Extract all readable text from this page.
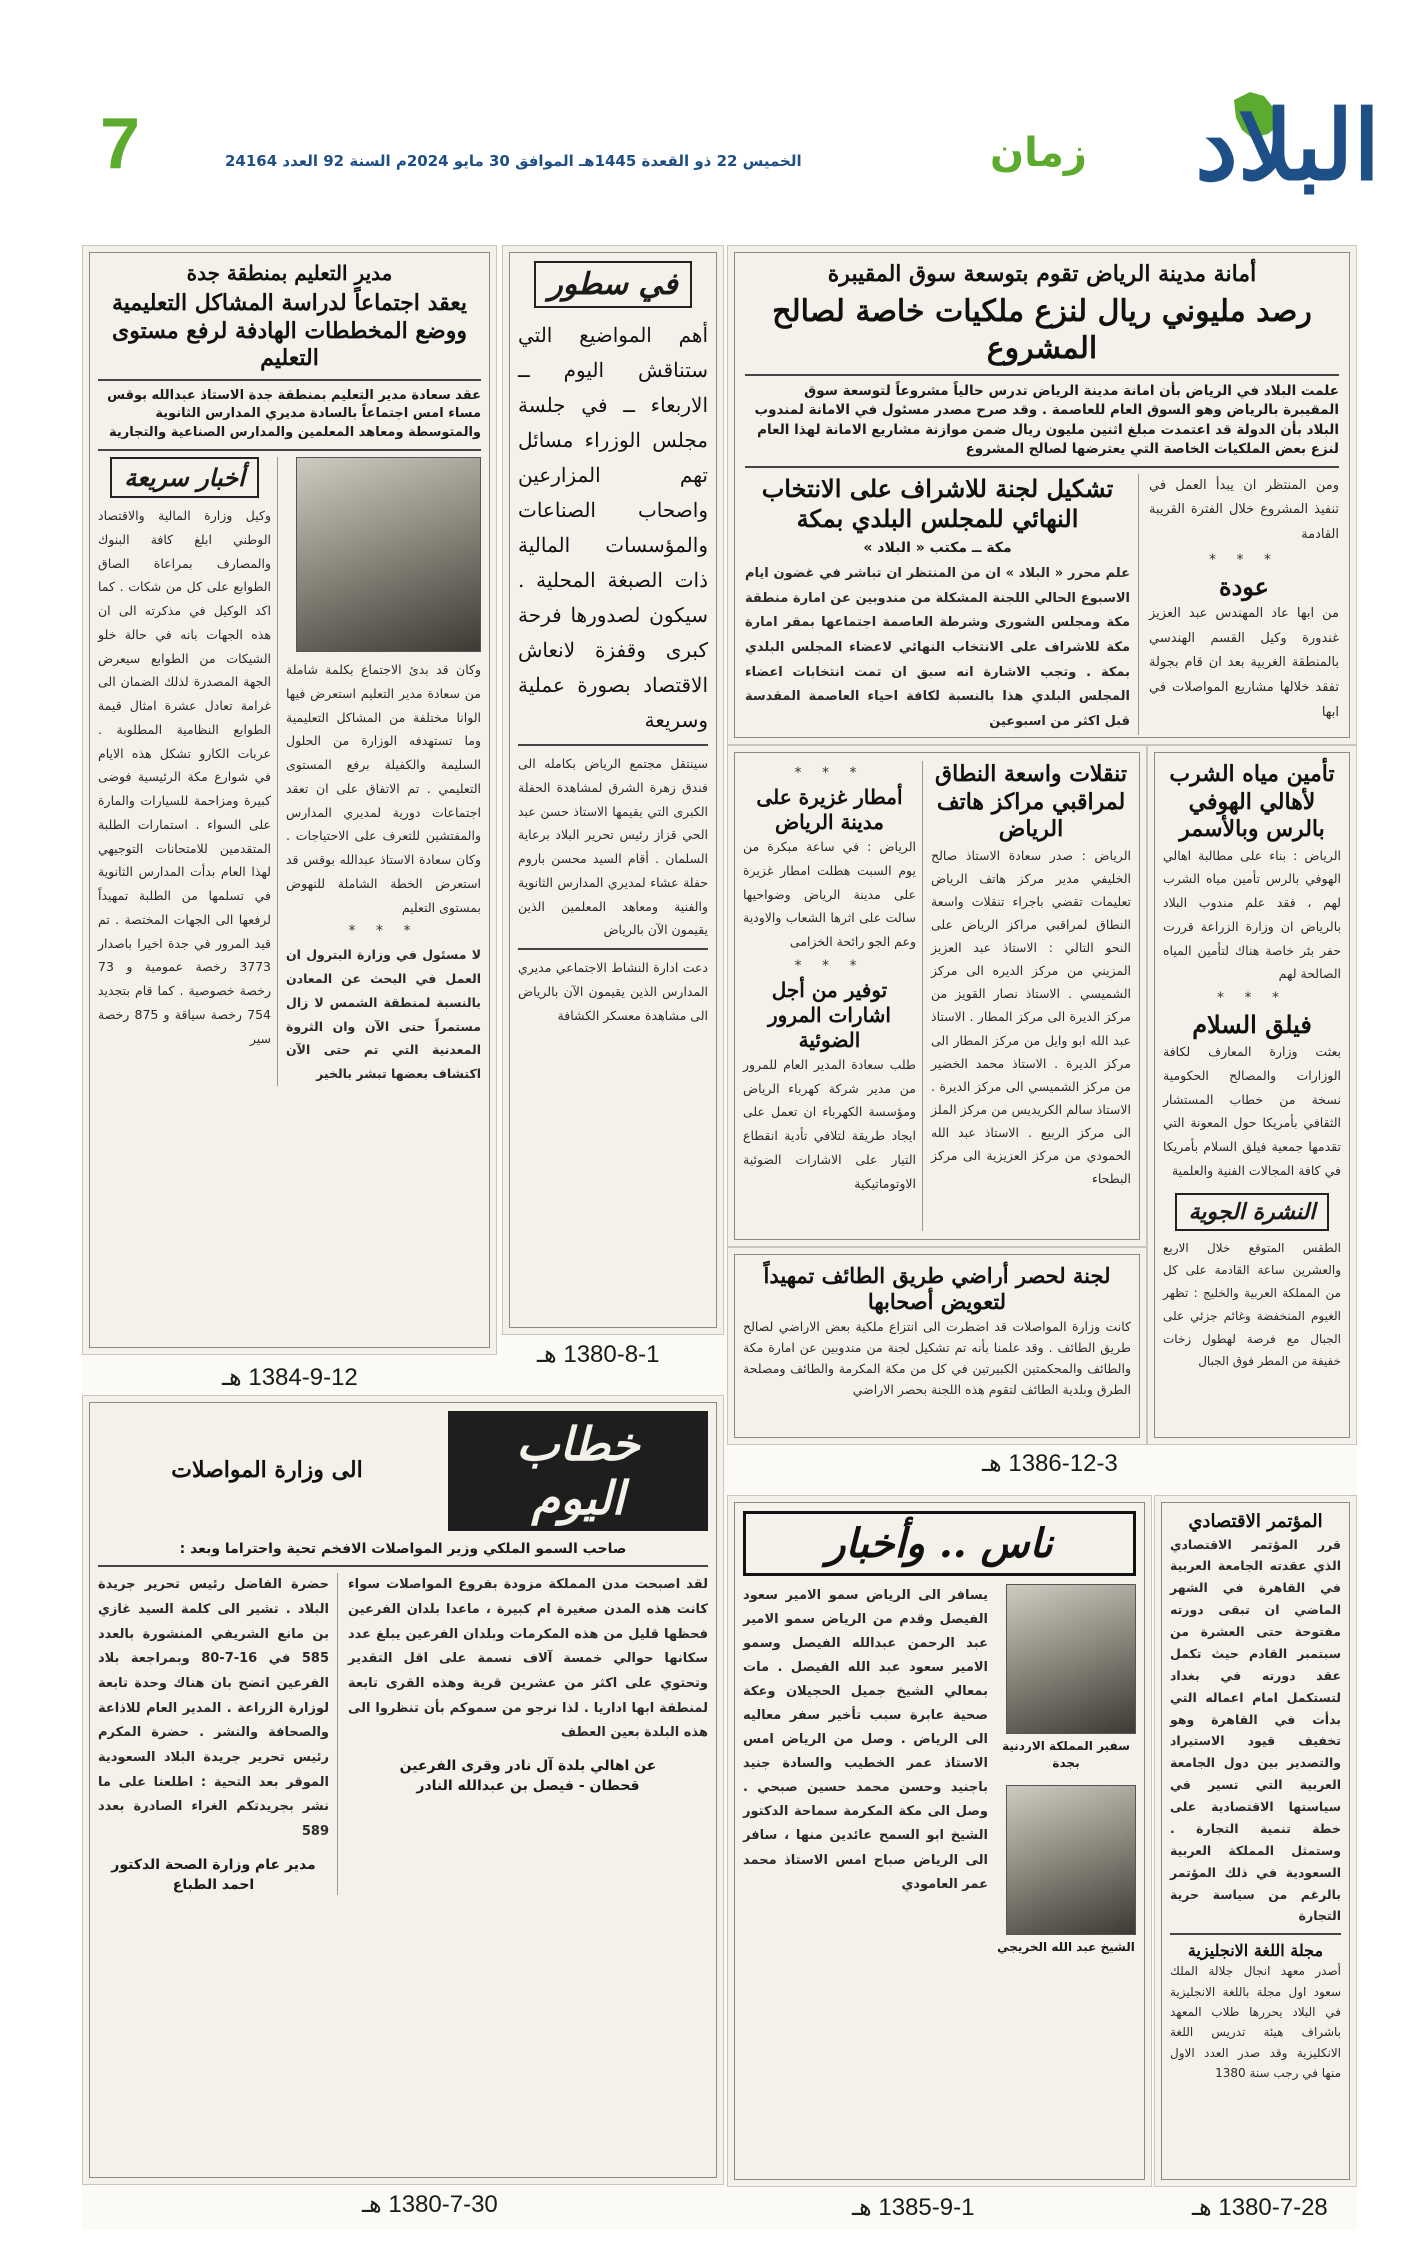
7	الخميس 22 ذو القعدة 1445هـ الموافق 30 مايو 2024م السنة 92 العدد 24164	زمان البلاد
أمانة مدينة الرياض تقوم بتوسعة سوق المقيبرة
رصد مليوني ريال لنزع ملكيات خاصة لصالح المشروع
علمت البلاد في الرياض بأن امانة مدينة الرياض تدرس حالياً مشروعاً لتوسعة سوق المقيبرة بالرياض وهو السوق العام للعاصمة . وقد صرح مصدر مسئول في الامانة لمندوب البلاد بأن الدولة قد اعتمدت مبلغ اثنين مليون ريال ضمن موازنة مشاريع الامانة لهذا العام لنزع بعض الملكيات الخاصة التي يعترضها لصالح المشروع
ومن المنتظر ان يبدأ العمل في تنفيذ المشروع خلال الفترة القريبة القادمة
* * *
عودة
من ابها عاد المهندس عبد العزيز غندورة وكيل القسم الهندسي بالمنطقة الغربية بعد ان قام بجولة تفقد خلالها مشاريع المواصلات في ابها
تشكيل لجنة للاشراف على الانتخاب النهائي للمجلس البلدي بمكة
مكة ــ مكتب « البلاد »
علم محرر « البلاد » ان من المنتظر ان تباشر في غضون ايام الاسبوع الحالي اللجنة المشكلة من مندوبين عن امارة منطقة مكة ومجلس الشورى وشرطة العاصمة اجتماعها بمقر امارة مكة للاشراف على الانتخاب النهائي لاعضاء المجلس البلدي بمكة . وتجب الاشارة انه سبق ان تمت انتخابات اعضاء المجلس البلدي هذا بالنسبة لكافة احياء العاصمة المقدسة قبل اكثر من اسبوعين
تنقلات واسعة النطاق لمراقبي مراكز هاتف الرياض
الرياض : صدر سعادة الاستاذ صالح الخليفي مدير مركز هاتف الرياض تعليمات تقضي باجراء تنقلات واسعة النطاق لمراقبي مراكز الرياض على النحو التالي : الاستاذ عبد العزيز المزيني من مركز الديره الى مركز الشميسي . الاستاذ نصار القويز من مركز الديرة الى مركز المطار . الاستاذ عبد الله ابو وايل من مركز المطار الى مركز الديرة . الاستاذ محمد الخضير من مركز الشميسي الى مركز الديرة . الاستاذ سالم الكريديس من مركز الملز الى مركز الربيع . الاستاذ عبد الله الحمودي من مركز العزيزية الى مركز البطحاء
* * *
أمطار غزيرة على مدينة الرياض
الرياض : في ساعة مبكرة من يوم السبت هطلت امطار غزيرة على مدينة الرياض وضواحيها سالت على اثرها الشعاب والاودية وعم الجو رائحة الخزامى
* * *
توفير من أجل اشارات المرور الضوئية
طلب سعادة المدير العام للمرور من مدير شركة كهرباء الرياض ومؤسسة الكهرباء ان تعمل على ايجاد طريقة لتلافي تأدية انقطاع التيار على الاشارات الضوئية الاوتوماتيكية
تأمين مياه الشرب لأهالي الهوفي بالرس وبالأسمر
الرياض : بناء على مطالبة اهالي الهوفي بالرس تأمين مياه الشرب لهم ، فقد علم مندوب البلاد بالرياض ان وزارة الزراعة قررت حفر بئر خاصة هناك لتأمين المياه الصالحة لهم
* * *
فيلق السلام
بعثت وزارة المعارف لكافة الوزارات والمصالح الحكومية نسخة من خطاب المستشار الثقافي بأمريكا حول المعونة التي تقدمها جمعية فيلق السلام بأمريكا في كافة المجالات الفنية والعلمية
النشرة الجوية
الطقس المتوقع خلال الاربع والعشرين ساعة القادمة على كل من المملكة العربية والخليج : تظهر الغيوم المنخفضة وغائم جزئي على الجبال مع فرصة لهطول زخات خفيفة من المطر فوق الجبال
لجنة لحصر أراضي طريق الطائف تمهيداً لتعويض أصحابها
كانت وزارة المواصلات قد اضطرت الى انتزاع ملكية بعض الاراضي لصالح طريق الطائف . وقد علمنا بأنه تم تشكيل لجنة من مندوبين عن امارة مكة والطائف والمحكمتين الكبيرتين في كل من مكة المكرمة والطائف ومصلحة الطرق وبلدية الطائف لتقوم هذه اللجنة بحصر الاراضي
1386-12-3 هـ
في سطور
أهم المواضيع التي ستناقش اليوم ــ الاربعاء ــ في جلسة مجلس الوزراء مسائل تهم المزارعين واصحاب الصناعات والمؤسسات المالية ذات الصبغة المحلية . سيكون لصدورها فرحة كبرى وقفزة لانعاش الاقتصاد بصورة عملية وسريعة
سينتقل مجتمع الرياض بكامله الى فندق زهرة الشرق لمشاهدة الحفلة الكبرى التي يقيمها الاستاذ حسن عبد الحي قزاز رئيس تحرير البلاد برعاية السلمان . أقام السيد محسن باروم حفلة عشاء لمديري المدارس الثانوية والفنية ومعاهد المعلمين الذين يقيمون الآن بالرياض
دعت ادارة النشاط الاجتماعي مديري المدارس الذين يقيمون الآن بالرياض الى مشاهدة معسكر الكشافة
1380-8-1 هـ
مدير التعليم بمنطقة جدة
يعقد اجتماعاً لدراسة المشاكل التعليمية ووضع المخططات الهادفة لرفع مستوى التعليم
عقد سعادة مدير التعليم بمنطقة جدة الاستاذ عبدالله بوقس مساء امس اجتماعاً بالسادة مديري المدارس الثانوية والمتوسطة ومعاهد المعلمين والمدارس الصناعية والتجارية
وكان قد بدئ الاجتماع بكلمة شاملة من سعادة مدير التعليم استعرض فيها الوانا مختلفة من المشاكل التعليمية وما تستهدفه الوزارة من الحلول السليمة والكفيلة برفع المستوى التعليمي . تم الاتفاق على ان تعقد اجتماعات دورية لمديري المدارس والمفتشين للتعرف على الاحتياجات . وكان سعادة الاستاذ عبدالله بوقس قد استعرض الخطة الشاملة للنهوض بمستوى التعليم
* * *
لا مسئول في وزارة البترول ان العمل في البحث عن المعادن بالنسبة لمنطقة الشمس لا زال مستمراً حتى الآن وان الثروة المعدنية التي تم حتى الآن اكتشاف بعضها تبشر بالخير
أخبار سريعة
وكيل وزارة المالية والاقتصاد الوطني ابلغ كافة البنوك والمصارف بمراعاة الصاق الطوابع على كل من شكات . كما اكد الوكيل في مذكرته الى ان هذه الجهات بانه في حالة خلو الشيكات من الطوابع سيعرض الجهة المصدرة لذلك الضمان الى غرامة تعادل عشرة امثال قيمة الطوابع النظامية المطلوبة . عربات الكارو تشكل هذه الايام في شوارع مكة الرئيسية فوضى كبيرة ومزاحمة للسيارات والمارة على السواء . استمارات الطلبة المتقدمين للامتحانات التوجيهي لهذا العام بدأت المدارس الثانوية في تسلمها من الطلبة تمهيداً لرفعها الى الجهات المختصة . تم قيد المرور في جدة اخيرا باصدار 3773 رخصة عمومية و 73 رخصة خصوصية . كما قام بتجديد 754 رخصة سياقة و 875 رخصة سير
1384-9-12 هـ
خطاب اليوم
الى وزارة المواصلات
صاحب السمو الملكي وزير المواصلات الافخم تحية واحتراما وبعد :
لقد اصبحت مدن المملكة مزودة بفروع المواصلات سواء كانت هذه المدن صغيرة ام كبيرة ، ماعدا بلدان الفرعين فحظها قليل من هذه المكرمات وبلدان الفرعين يبلغ عدد سكانها حوالي خمسة آلاف نسمة على اقل التقدير وتحتوي على اكثر من عشرين قرية وهذه القرى تابعة لمنطقة ابها اداريا . لذا نرجو من سموكم بأن تنظروا الى هذه البلدة بعين العطف
عن اهالي بلدة آل نادر وقرى الفرعين
قحطان - فيصل بن عبدالله النادر
حضرة الفاضل رئيس تحرير جريدة البلاد . تشير الى كلمة السيد غازي بن مانع الشريفي المنشورة بالعدد 585 في 16-7-80 وبمراجعة بلاد الفرعين اتضح بان هناك وحدة تابعة لوزارة الزراعة . المدير العام للاذاعة والصحافة والنشر . حضرة المكرم رئيس تحرير جريدة البلاد السعودية الموقر بعد التحية : اطلعنا على ما نشر بجريدتكم الغراء الصادرة بعدد 589
مدير عام وزارة الصحة الدكتور احمد الطباع
1380-7-30 هـ
ناس .. وأخبار
سفير المملكة الاردنية بجدة
الشيخ عبد الله الخريجي
يسافر الى الرياض سمو الامير سعود الفيصل وقدم من الرياض سمو الامير عبد الرحمن عبدالله الفيصل وسمو الامير سعود عبد الله الفيصل . مات بمعالي الشيخ جميل الحجيلان وعكة صحية عابرة سبب تأخير سفر معاليه الى الرياض . وصل من الرياض امس الاستاذ عمر الخطيب والسادة جنيد باجنيد وحسن محمد حسين صبحي . وصل الى مكة المكرمة سماحة الدكتور الشيخ ابو السمح عائدين منها ، سافر الى الرياض صباح امس الاستاذ محمد عمر العامودي
1385-9-1 هـ
المؤتمر الاقتصادي
قرر المؤتمر الاقتصادي الذي عقدته الجامعة العربية في القاهرة في الشهر الماضي ان تبقى دورته مفتوحة حتى العشرة من سبتمبر القادم حيث تكمل عقد دورته في بغداد لتستكمل امام اعماله التي بدأت في القاهرة وهو تخفيف قيود الاستيراد والتصدير بين دول الجامعة العربية التي تسير في سياستها الاقتصادية على خطة تنمية التجارة . وستمثل المملكة العربية السعودية في ذلك المؤتمر بالرغم من سياسة حرية التجارة
مجلة اللغة الانجليزية
أصدر معهد انجال جلالة الملك سعود اول مجلة باللغة الانجليزية في البلاد يحررها طلاب المعهد باشراف هيئة تدريس اللغة الانكليزية وقد صدر العدد الاول منها في رجب سنة 1380
1380-7-28 هـ
